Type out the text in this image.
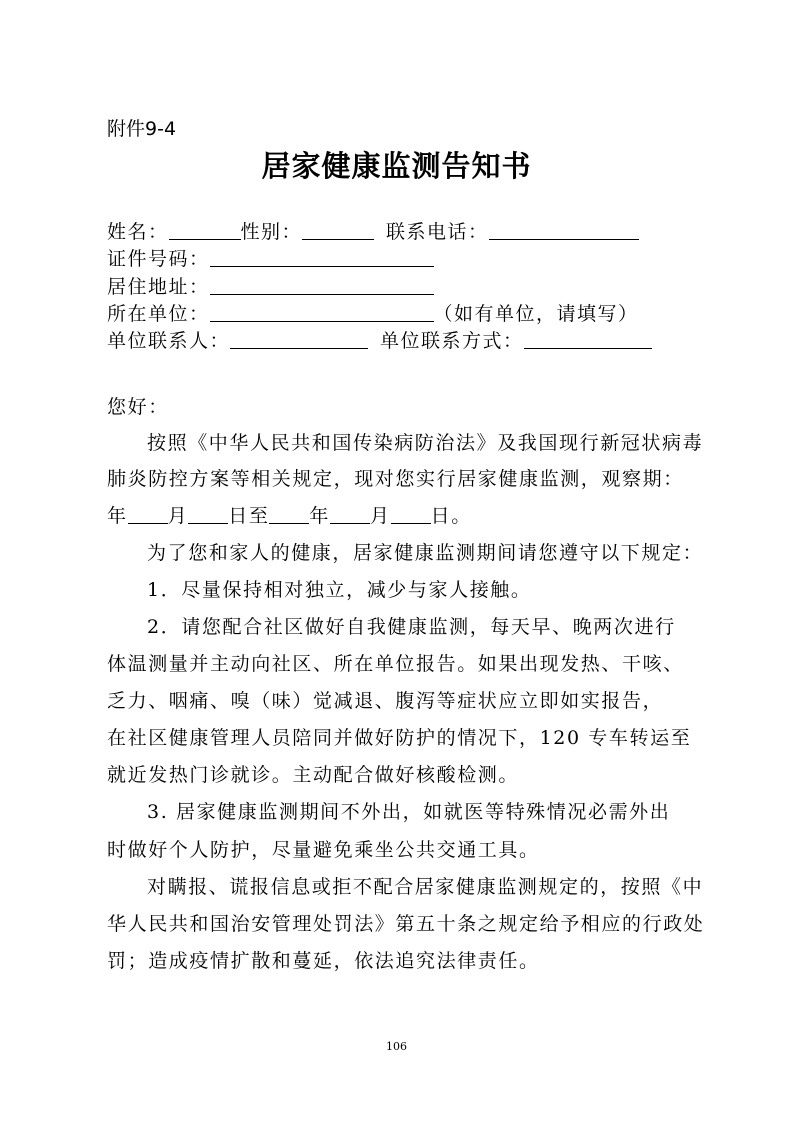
附件9-4
居家健康监测告知书
姓名：	性别：	联系电话：
证件号码：
居住地址：
所在单位：	（如有单位，请填写）
单位联系人：	单位联系方式：
您好：
按照《中华人民共和国传染病防治法》及我国现行新冠状病毒
肺炎防控方案等相关规定，现对您实行居家健康监测，观察期：
年 月 日至 年 月 日。
为了您和家人的健康，居家健康监测期间请您遵守以下规定：
1．尽量保持相对独立，减少与家人接触。
2．请您配合社区做好自我健康监测，每天早、晚两次进行
体温测量并主动向社区、所在单位报告。如果出现发热、干咳、
乏力、咽痛、嗅（味）觉减退、腹泻等症状应立即如实报告，
在社区健康管理人员陪同并做好防护的情况下，120 专车转运至
就近发热门诊就诊。主动配合做好核酸检测。
3. 居家健康监测期间不外出，如就医等特殊情况必需外出
时做好个人防护，尽量避免乘坐公共交通工具。
对瞒报、谎报信息或拒不配合居家健康监测规定的，按照《中
华人民共和国治安管理处罚法》第五十条之规定给予相应的行政处
罚；造成疫情扩散和蔓延，依法追究法律责任。
106
